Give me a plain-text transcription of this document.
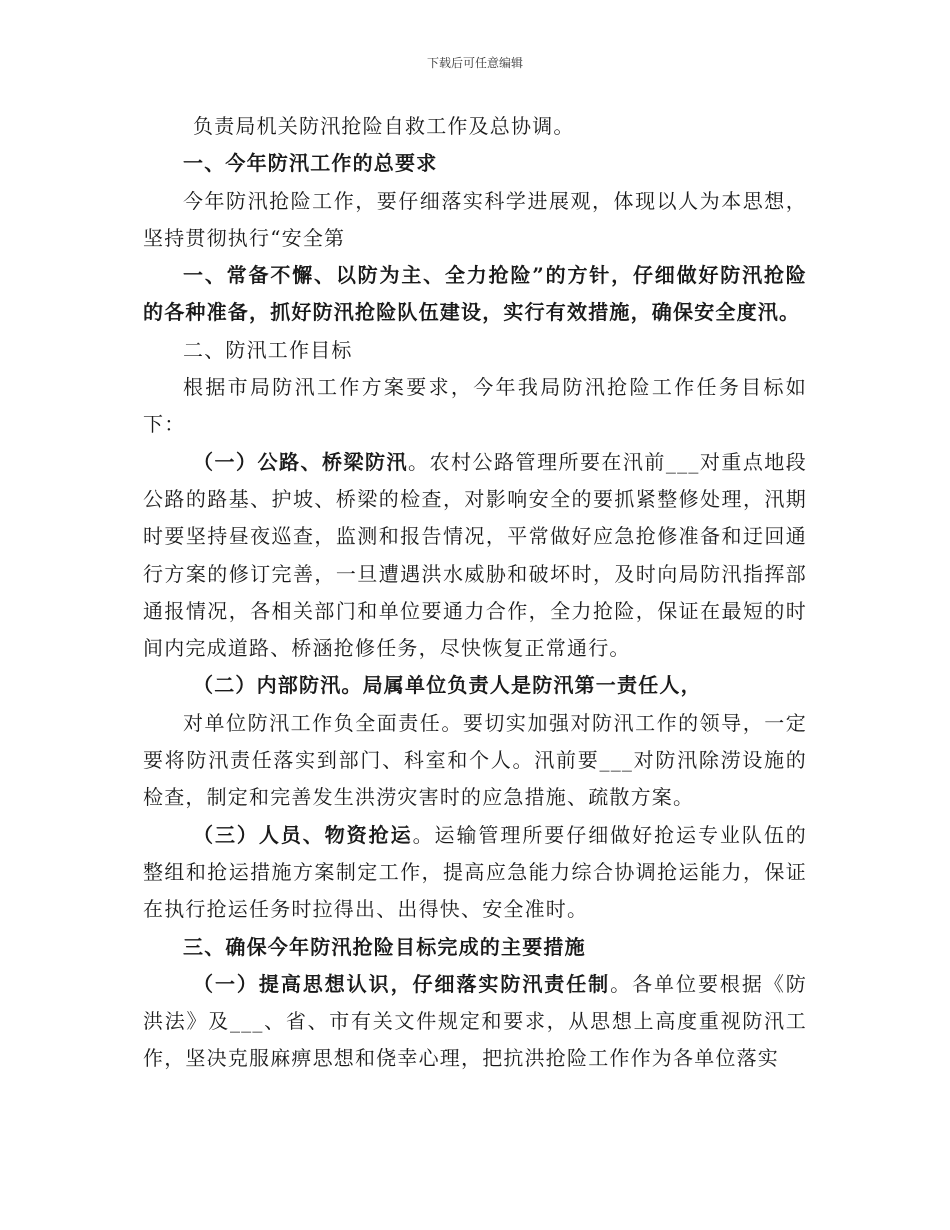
下载后可任意编辑

负责局机关防汛抢险自救工作及总协调。

一、今年防汛工作的总要求

今年防汛抢险工作，要仔细落实科学进展观，体现以人为本思想，坚持贯彻执行“安全第

一、常备不懈、以防为主、全力抢险”的方针，仔细做好防汛抢险的各种准备，抓好防汛抢险队伍建设，实行有效措施，确保安全度汛。

二、防汛工作目标

根据市局防汛工作方案要求，今年我局防汛抢险工作任务目标如下：

（一）公路、桥梁防汛。农村公路管理所要在汛前___对重点地段公路的路基、护坡、桥梁的检查，对影响安全的要抓紧整修处理，汛期时要坚持昼夜巡查，监测和报告情况，平常做好应急抢修准备和迂回通行方案的修订完善，一旦遭遇洪水威胁和破坏时，及时向局防汛指挥部通报情况，各相关部门和单位要通力合作，全力抢险，保证在最短的时间内完成道路、桥涵抢修任务，尽快恢复正常通行。

（二）内部防汛。局属单位负责人是防汛第一责任人，

对单位防汛工作负全面责任。要切实加强对防汛工作的领导，一定要将防汛责任落实到部门、科室和个人。汛前要___对防汛除涝设施的检查，制定和完善发生洪涝灾害时的应急措施、疏散方案。

（三）人员、物资抢运。运输管理所要仔细做好抢运专业队伍的整组和抢运措施方案制定工作，提高应急能力综合协调抢运能力，保证在执行抢运任务时拉得出、出得快、安全准时。

三、确保今年防汛抢险目标完成的主要措施

（一）提高思想认识，仔细落实防汛责任制。各单位要根据《防洪法》及___、省、市有关文件规定和要求，从思想上高度重视防汛工作，坚决克服麻痹思想和侥幸心理，把抗洪抢险工作作为各单位落实
